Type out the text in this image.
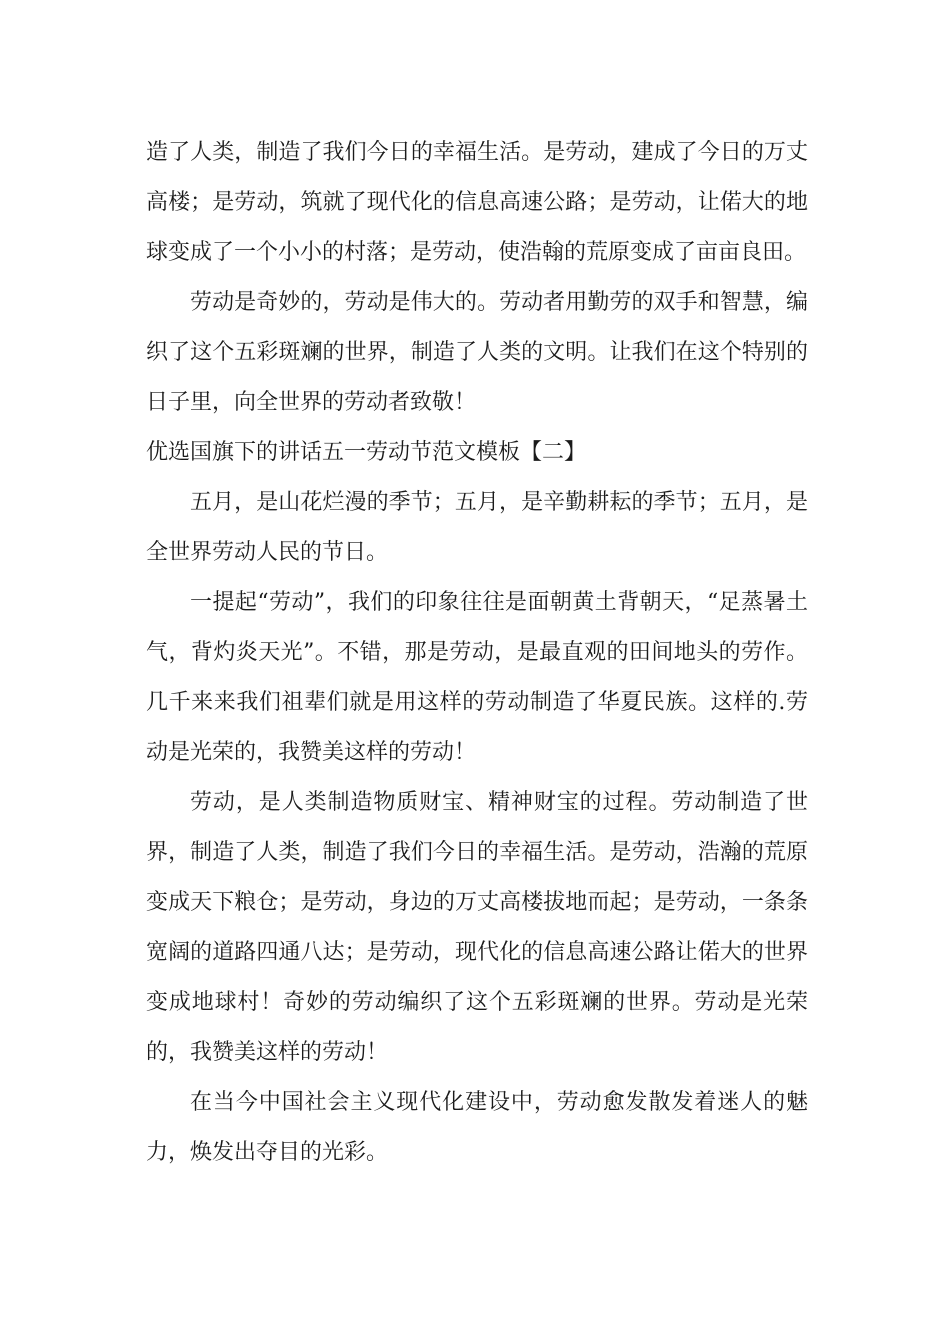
造了人类，制造了我们今日的幸福生活。是劳动，建成了今日的万丈高楼；是劳动，筑就了现代化的信息高速公路；是劳动，让偌大的地球变成了一个小小的村落；是劳动，使浩翰的荒原变成了亩亩良田。

劳动是奇妙的，劳动是伟大的。劳动者用勤劳的双手和智慧，编织了这个五彩斑斓的世界，制造了人类的文明。让我们在这个特别的日子里，向全世界的劳动者致敬！

优选国旗下的讲话五一劳动节范文模板【二】

五月，是山花烂漫的季节；五月，是辛勤耕耘的季节；五月，是全世界劳动人民的节日。

一提起“劳动”，我们的印象往往是面朝黄土背朝天，“足蒸暑土气，背灼炎天光”。不错，那是劳动，是最直观的田间地头的劳作。几千来来我们祖辈们就是用这样的劳动制造了华夏民族。这样的.劳动是光荣的，我赞美这样的劳动！

劳动，是人类制造物质财宝、精神财宝的过程。劳动制造了世界，制造了人类，制造了我们今日的幸福生活。是劳动，浩瀚的荒原变成天下粮仓；是劳动，身边的万丈高楼拔地而起；是劳动，一条条宽阔的道路四通八达；是劳动，现代化的信息高速公路让偌大的世界变成地球村！奇妙的劳动编织了这个五彩斑斓的世界。劳动是光荣的，我赞美这样的劳动！

在当今中国社会主义现代化建设中，劳动愈发散发着迷人的魅力，焕发出夺目的光彩。
